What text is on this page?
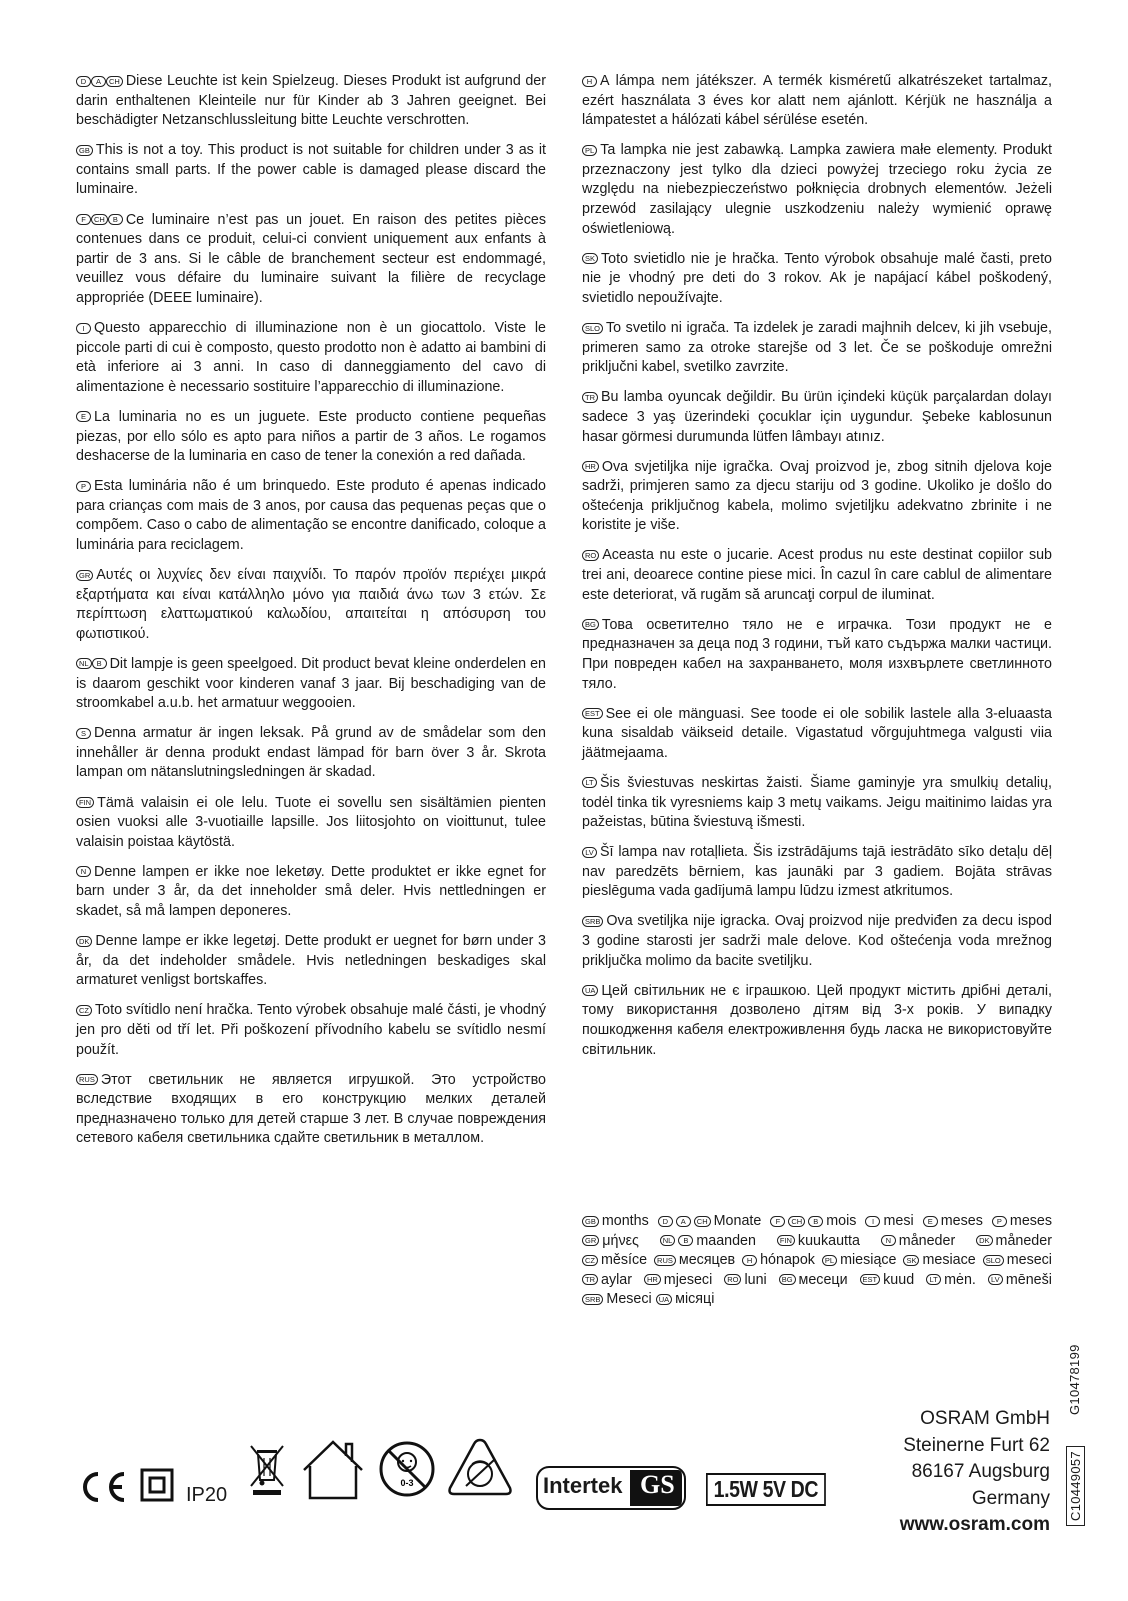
D A CH Diese Leuchte ist kein Spielzeug. Dieses Produkt ist aufgrund der darin enthaltenen Kleinteile nur für Kinder ab 3 Jahren geeignet. Bei beschädigter Netzanschlussleitung bitte Leuchte verschrotten.

GB This is not a toy. This product is not suitable for children under 3 as it contains small parts. If the power cable is damaged please discard the luminaire.

F CH B Ce luminaire n’est pas un jouet. En raison des petites pièces contenues dans ce produit, celui-ci convient uniquement aux enfants à partir de 3 ans. Si le câble de branchement secteur est endommagé, veuillez vous défaire du luminaire suivant la filière de recyclage appropriée (DEEE luminaire).

I Questo apparecchio di illuminazione non è un giocattolo. Viste le piccole parti di cui è composto, questo prodotto non è adatto ai bambini di età inferiore ai 3 anni. In caso di danneggiamento del cavo di alimentazione è necessario sostituire l’apparecchio di illuminazione.

E La luminaria no es un juguete. Este producto contiene pequeñas piezas, por ello sólo es apto para niños a partir de 3 años. Le rogamos deshacerse de la luminaria en caso de tener la conexión a red dañada.

P Esta luminária não é um brinquedo. Este produto é apenas indicado para crianças com mais de 3 anos, por causa das pequenas peças que o compõem. Caso o cabo de alimentação se encontre danificado, coloque a luminária para reciclagem.

GR Αυτές οι λυχνίες δεν είναι παιχνίδι. Το παρόν προϊόν περιέχει μικρά εξαρτήματα και είναι κατάλληλο μόνο για παιδιά άνω των 3 ετών. Σε περίπτωση ελαττωματικού καλωδίου, απαιτείται η απόσυρση του φωτιστικού.

NL B Dit lampje is geen speelgoed. Dit product bevat kleine onderdelen en is daarom geschikt voor kinderen vanaf 3 jaar. Bij beschadiging van de stroomkabel a.u.b. het armatuur weggooien.

S Denna armatur är ingen leksak. På grund av de smådelar som den innehåller är denna produkt endast lämpad för barn över 3 år. Skrota lampan om nätanslutningsledningen är skadad.

FIN Tämä valaisin ei ole lelu. Tuote ei sovellu sen sisältämien pienten osien vuoksi alle 3-vuotiaille lapsille. Jos liitosjohto on vioittunut, tulee valaisin poistaa käytöstä.

N Denne lampen er ikke noe leketøy. Dette produktet er ikke egnet for barn under 3 år, da det inneholder små deler. Hvis nettledningen er skadet, så må lampen deponeres.

DK Denne lampe er ikke legetøj. Dette produkt er uegnet for børn under 3 år, da det indeholder smådele. Hvis netledningen beskadiges skal armaturet venligst bortskaffes.

CZ Toto svítidlo není hračka. Tento výrobek obsahuje malé části, je vhodný jen pro děti od tří let. Při poškození přívodního kabelu se svítidlo nesmí použít.

RUS Этот светильник не является игрушкой. Это устройство вследствие входящих в его конструкцию мелких деталей предназначено только для детей старше 3 лет. В случае повреждения сетевого кабеля светильника сдайте светильник в металлом.

H A lámpa nem játékszer. A termék kisméretű alkatrészeket tartalmaz, ezért használata 3 éves kor alatt nem ajánlott. Kérjük ne használja a lámpatestet a hálózati kábel sérülése esetén.

PL Ta lampka nie jest zabawką. Lampka zawiera małe elementy. Produkt przeznaczony jest tylko dla dzieci powyżej trzeciego roku życia ze względu na niebezpieczeństwo połknięcia drobnych elementów. Jeżeli przewód zasilający ulegnie uszkodzeniu należy wymienić oprawę oświetleniową.

SK Toto svietidlo nie je hračka. Tento výrobok obsahuje malé časti, preto nie je vhodný pre deti do 3 rokov. Ak je napájací kábel poškodený, svietidlo nepoužívajte.

SLO To svetilo ni igrača. Ta izdelek je zaradi majhnih delcev, ki jih vsebuje, primeren samo za otroke starejše od 3 let. Če se poškoduje omrežni priključni kabel, svetilko zavrzite.

TR Bu lamba oyuncak değildir. Bu ürün içindeki küçük parçalardan dolayı sadece 3 yaş üzerindeki çocuklar için uygundur. Şebeke kablosunun hasar görmesi durumunda lütfen lâmbayı atınız.

HR Ova svjetiljka nije igračka. Ovaj proizvod je, zbog sitnih djelova koje sadrži, primjeren samo za djecu stariju od 3 godine. Ukoliko je došlo do oštećenja priključnog kabela, molimo svjetiljku adekvatno zbrinite i ne koristite je više.

RO Aceasta nu este o jucarie. Acest produs nu este destinat copiilor sub trei ani, deoarece contine piese mici. În cazul în care cablul de alimentare este deteriorat, vă rugăm să aruncaţi corpul de iluminat.

BG Това осветително тяло не е играчка. Този продукт не е предназначен за деца под 3 години, тъй като съдържа малки частици. При повреден кабел на захранването, моля изхвърлете светлинното тяло.

EST See ei ole mänguasi. See toode ei ole sobilik lastele alla 3-eluaasta kuna sisaldab väikseid detaile. Vigastatud võrgujuhtmega valgusti viia jäätmejaama.

LT Šis šviestuvas neskirtas žaisti. Šiame gaminyje yra smulkių detalių, todėl tinka tik vyresniems kaip 3 metų vaikams. Jeigu maitinimo laidas yra pažeistas, būtina šviestuvą išmesti.

LV Šī lampa nav rotaļlieta. Šis izstrādājums tajā iestrādāto sīko detaļu dēļ nav paredzēts bērniem, kas jaunāki par 3 gadiem. Bojāta strāvas pieslēguma vada gadījumā lampu lūdzu izmest atkritumos.

SRB Ova svetiljka nije igracka. Ovaj proizvod nije predviđen za decu ispod 3 godine starosti jer sadrži male delove. Kod oštećenja voda mrežnog priključka molimo da bacite svetiljku.

UA Цей світильник не є іграшкою. Цей продукт містить дрібні деталі, тому використання дозволено дітям від 3-х років. У випадку пошкодження кабеля електроживлення будь ласка не використовуйте світильник.

GB months D A CH Monate F CH B mois I mesi E meses P meses GR μήνες	NL B maanden	FIN kuukautta	N måneder	DK måneder CZ měsíce RUS месяцев H hónapok PL miesiące SK mesiace SLO meseci TR aylar HR mjeseci RO luni BG месеци EST kuud LT mėn. LV mēneši SRB Meseci UA місяці
OSRAM GmbH
Steinerne Furt 62
86167 Augsburg
Germany
www.osram.com
G10478199
C10449057
IP20
0-3	Intertek GS	1.5W 5V DC
